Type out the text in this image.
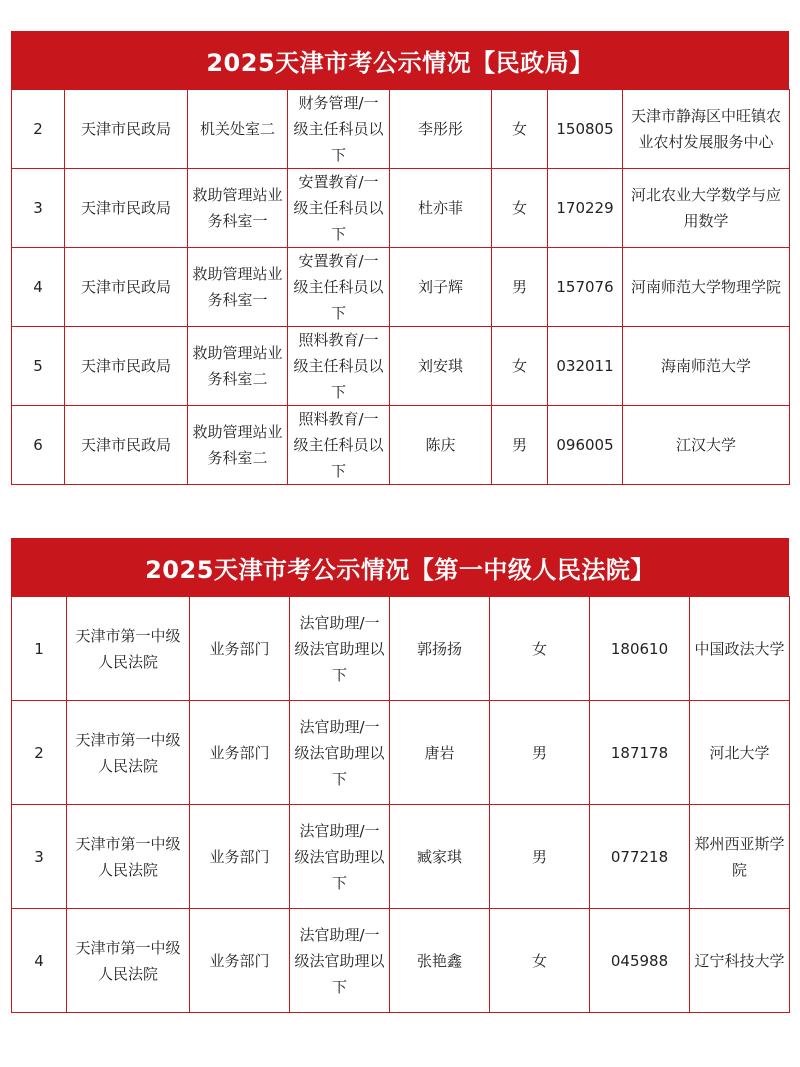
2025天津市考公示情况【民政局】
2	天津市民政局	机关处室二	财务管理/一级主任科员以下	李彤彤	女	150805	天津市静海区中旺镇农业农村发展服务中心
3	天津市民政局	救助管理站业务科室一	安置教育/一级主任科员以下	杜亦菲	女	170229	河北农业大学数学与应用数学
4	天津市民政局	救助管理站业务科室一	安置教育/一级主任科员以下	刘子辉	男	157076	河南师范大学物理学院
5	天津市民政局	救助管理站业务科室二	照料教育/一级主任科员以下	刘安琪	女	032011	海南师范大学
6	天津市民政局	救助管理站业务科室二	照料教育/一级主任科员以下	陈庆	男	096005	江汉大学
2025天津市考公示情况【第一中级人民法院】
1	天津市第一中级人民法院	业务部门	法官助理/一级法官助理以下	郭扬扬	女	180610	中国政法大学
2	天津市第一中级人民法院	业务部门	法官助理/一级法官助理以下	唐岩	男	187178	河北大学
3	天津市第一中级人民法院	业务部门	法官助理/一级法官助理以下	臧家琪	男	077218	郑州西亚斯学院
4	天津市第一中级人民法院	业务部门	法官助理/一级法官助理以下	张艳鑫	女	045988	辽宁科技大学
